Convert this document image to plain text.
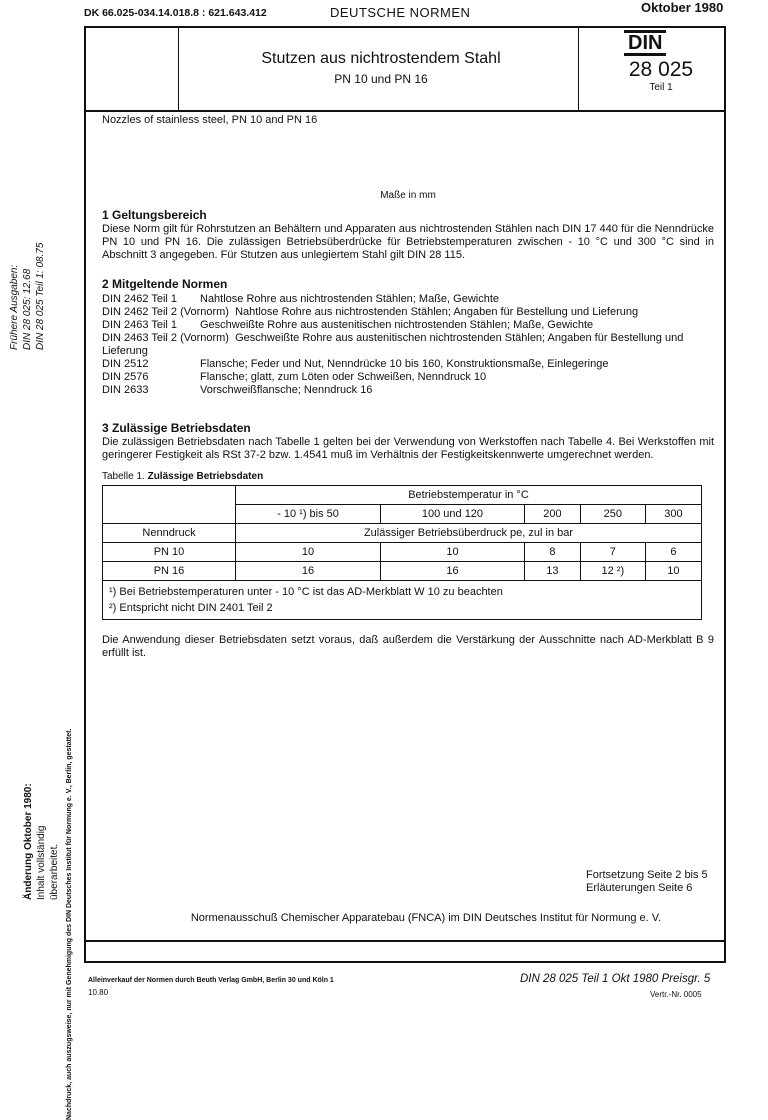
DK 66.025-034.14.018.8 : 621.643.412	DEUTSCHE NORMEN	Oktober 1980
Frühere Ausgaben: DIN 28 025: 12.68 DIN 28 025 Teil 1: 08.75
Nachdruck, auch auszugsweise, nur mit Genehmigung des DIN Deutsches Institut für Normung e. V., Berlin, gestattet.
Änderung Oktober 1980: Inhalt vollständig überarbeitet.
Stutzen aus nichtrostendem Stahl
PN 10 und PN 16
DIN
28 025
Teil 1
Nozzles of stainless steel, PN 10 and PN 16
Maße in mm
1 Geltungsbereich
Diese Norm gilt für Rohrstutzen an Behältern und Apparaten aus nichtrostenden Stählen nach DIN 17 440 für die Nenndrücke PN 10 und PN 16. Die zulässigen Betriebsüberdrücke für Betriebstemperaturen zwischen - 10 °C und 300 °C sind in Abschnitt 3 angegeben. Für Stutzen aus unlegiertem Stahl gilt DIN 28 115.
2 Mitgeltende Normen
DIN 2462 Teil 1	Nahtlose Rohre aus nichtrostenden Stählen; Maße, Gewichte
DIN 2462 Teil 2 (Vornorm) Nahtlose Rohre aus nichtrostenden Stählen; Angaben für Bestellung und Lieferung	
DIN 2463 Teil 1	Geschweißte Rohre aus austenitischen nichtrostenden Stählen; Maße, Gewichte
DIN 2463 Teil 2 (Vornorm) Geschweißte Rohre aus austenitischen nichtrostenden Stählen; Angaben für Bestellung und Lieferung	
DIN 2512	Flansche; Feder und Nut, Nenndrücke 10 bis 160, Konstruktionsmaße, Einlegeringe
DIN 2576	Flansche; glatt, zum Löten oder Schweißen, Nenndruck 10
DIN 2633	Vorschweißflansche; Nenndruck 16
3 Zulässige Betriebsdaten
Die zulässigen Betriebsdaten nach Tabelle 1 gelten bei der Verwendung von Werkstoffen nach Tabelle 4. Bei Werkstoffen mit geringerer Festigkeit als RSt 37-2 bzw. 1.4541 muß im Verhältnis der Festigkeitskennwerte umgerechnet werden.
Tabelle 1. Zulässige Betriebsdaten
	Betriebstemperatur in °C				
	- 10 ¹) bis 50	100 und 120	200	250	300
Nenndruck	Zulässiger Betriebsüberdruck pe, zul in bar				
PN 10	10	10	8	7	6
PN 16	16	16	13	12 ²)	10

¹) Bei Betriebstemperaturen unter - 10 °C ist das AD-Merkblatt W 10 zu beachten
²) Entspricht nicht DIN 2401 Teil 2					
Die Anwendung dieser Betriebsdaten setzt voraus, daß außerdem die Verstärkung der Ausschnitte nach AD-Merkblatt B 9 erfüllt ist.
Fortsetzung Seite 2 bis 5
Erläuterungen Seite 6
Normenausschuß Chemischer Apparatebau (FNCA) im DIN Deutsches Institut für Normung e. V.
Alleinverkauf der Normen durch Beuth Verlag GmbH, Berlin 30 und Köln 1
10.80
DIN 28 025 Teil 1 Okt 1980 Preisgr. 5
Vertr.-Nr. 0005
